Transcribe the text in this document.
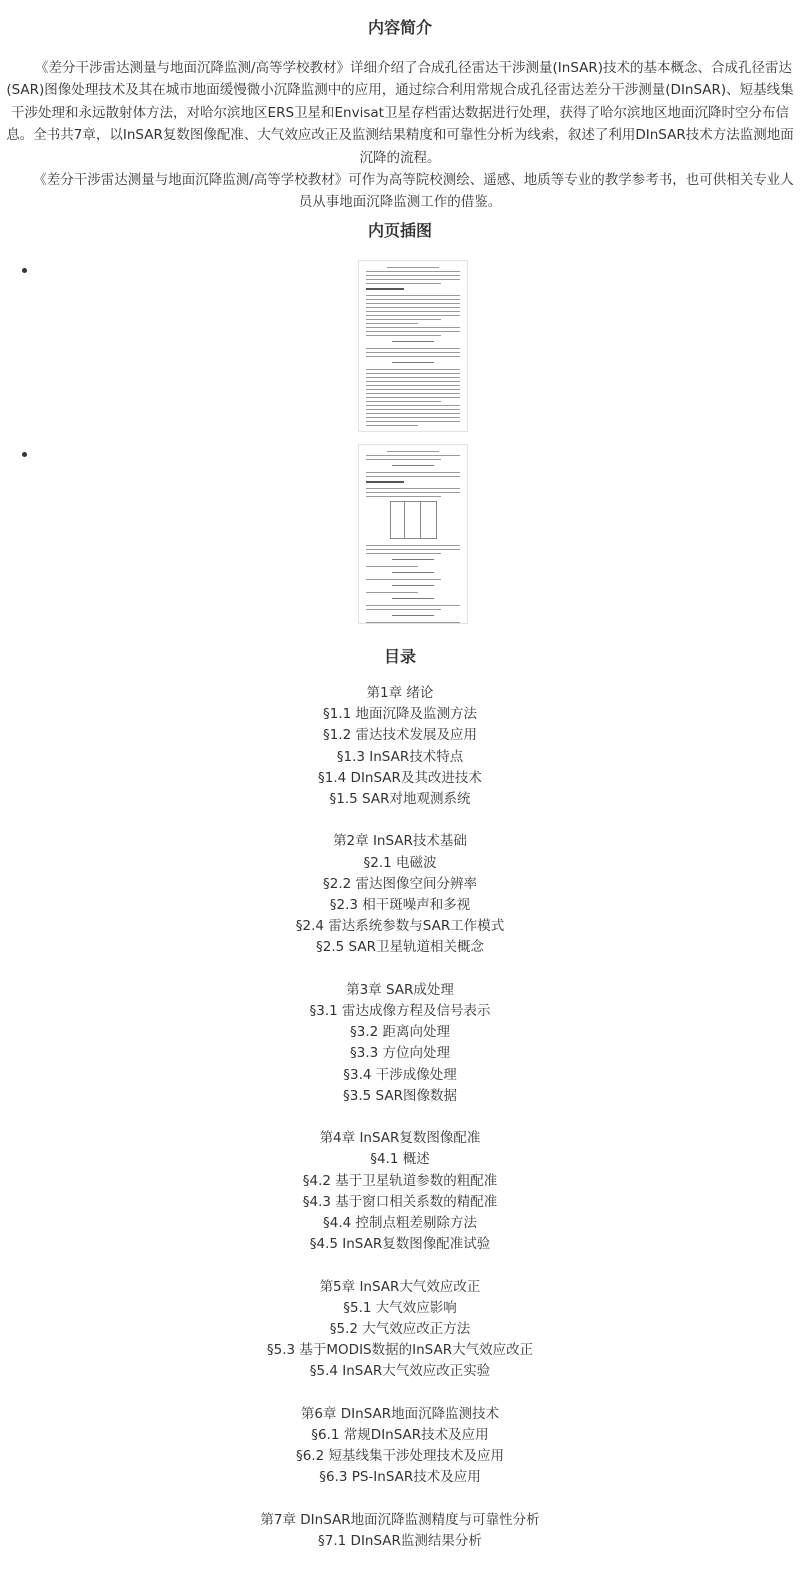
内容简介

《差分干涉雷达测量与地面沉降监测/高等学校教材》详细介绍了合成孔径雷达干涉测量(InSAR)技术的基本概念、合成孔径雷达(SAR)图像处理技术及其在城市地面缓慢微小沉降监测中的应用，通过综合利用常规合成孔径雷达差分干涉测量(DInSAR)、短基线集干涉处理和永远散射体方法，对哈尔滨地区ERS卫星和Envisat卫星存档雷达数据进行处理，获得了哈尔滨地区地面沉降时空分布信息。全书共7章，以InSAR复数图像配准、大气效应改正及监测结果精度和可靠性分析为线索，叙述了利用DInSAR技术方法监测地面沉降的流程。

《差分干涉雷达测量与地面沉降监测/高等学校教材》可作为高等院校测绘、遥感、地质等专业的教学参考书，也可供相关专业人员从事地面沉降监测工作的借鉴。

内页插图
目录
第1章 绪论
§1.1 地面沉降及监测方法
§1.2 雷达技术发展及应用
§1.3 InSAR技术特点
§1.4 DInSAR及其改进技术
§1.5 SAR对地观测系统
第2章 InSAR技术基础
§2.1 电磁波
§2.2 雷达图像空间分辨率
§2.3 相干斑噪声和多视
§2.4 雷达系统参数与SAR工作模式
§2.5 SAR卫星轨道相关概念
第3章 SAR成处理
§3.1 雷达成像方程及信号表示
§3.2 距离向处理
§3.3 方位向处理
§3.4 干涉成像处理
§3.5 SAR图像数据
第4章 InSAR复数图像配准
§4.1 概述
§4.2 基于卫星轨道参数的粗配准
§4.3 基于窗口相关系数的精配准
§4.4 控制点粗差剔除方法
§4.5 InSAR复数图像配准试验
第5章 InSAR大气效应改正
§5.1 大气效应影响
§5.2 大气效应改正方法
§5.3 基于MODIS数据的InSAR大气效应改正
§5.4 InSAR大气效应改正实验
第6章 DInSAR地面沉降监测技术
§6.1 常规DInSAR技术及应用
§6.2 短基线集干涉处理技术及应用
§6.3 PS-InSAR技术及应用
第7章 DInSAR地面沉降监测精度与可靠性分析
§7.1 DInSAR监测结果分析
